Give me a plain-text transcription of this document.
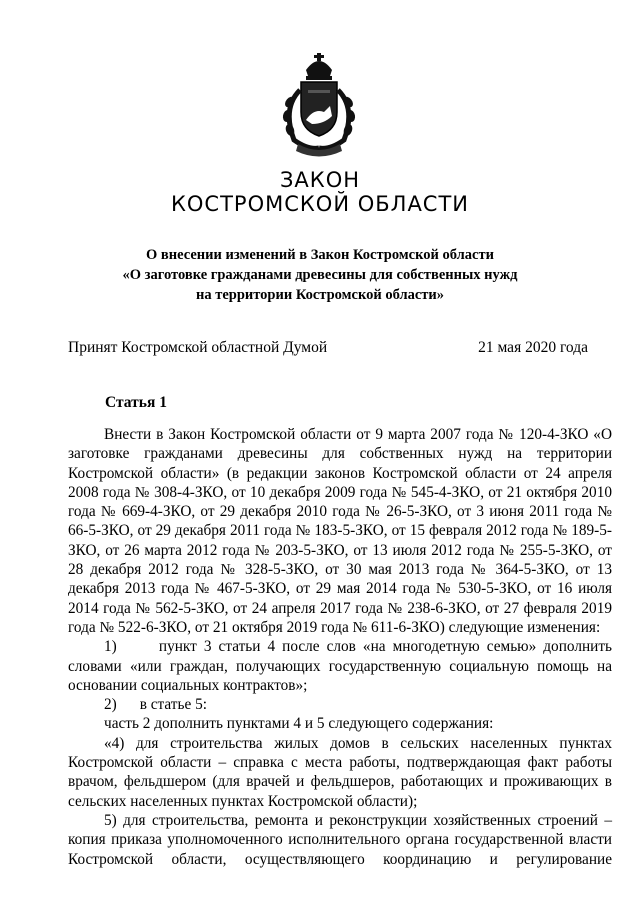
ЗАКОН
КОСТРОМСКОЙ ОБЛАСТИ
О внесении изменений в Закон Костромской области
«О заготовке гражданами древесины для собственных нужд
на территории Костромской области»
Принят Костромской областной Думой	21 мая 2020 года
Статья 1

Внести в Закон Костромской области от 9 марта 2007 года № 120-4-ЗКО «О заготовке гражданами древесины для собственных нужд на территории Костромской области» (в редакции законов Костромской области от 24 апреля 2008 года № 308-4-ЗКО, от 10 декабря 2009 года № 545-4-ЗКО, от 21 октября 2010 года № 669-4-ЗКО, от 29 декабря 2010 года № 26-5-ЗКО, от 3 июня 2011 года № 66-5-ЗКО, от 29 декабря 2011 года № 183-5-ЗКО, от 15 февраля 2012 года № 189-5-ЗКО, от 26 марта 2012 года № 203-5-ЗКО, от 13 июля 2012 года № 255-5-ЗКО, от 28 декабря 2012 года № 328-5-ЗКО, от 30 мая 2013 года № 364-5-ЗКО, от 13 декабря 2013 года № 467-5-ЗКО, от 29 мая 2014 года № 530-5-ЗКО, от 16 июля 2014 года № 562-5-ЗКО, от 24 апреля 2017 года № 238-6-ЗКО, от 27 февраля 2019 года № 522-6-ЗКО, от 21 октября 2019 года № 611-6-ЗКО) следующие изменения:

1)      пункт 3 статьи 4 после слов «на многодетную семью» дополнить словами «или граждан, получающих государственную социальную помощь на основании социальных контрактов»;

2)      в статье 5:

часть 2 дополнить пунктами 4 и 5 следующего содержания:

«4) для строительства жилых домов в сельских населенных пунктах Костромской области – справка с места работы, подтверждающая факт работы врачом, фельдшером (для врачей и фельдшеров, работающих и проживающих в сельских населенных пунктах Костромской области);

5) для строительства, ремонта и реконструкции хозяйственных строений – копия приказа уполномоченного исполнительного органа государственной власти Костромской области, осуществляющего координацию и регулирование
